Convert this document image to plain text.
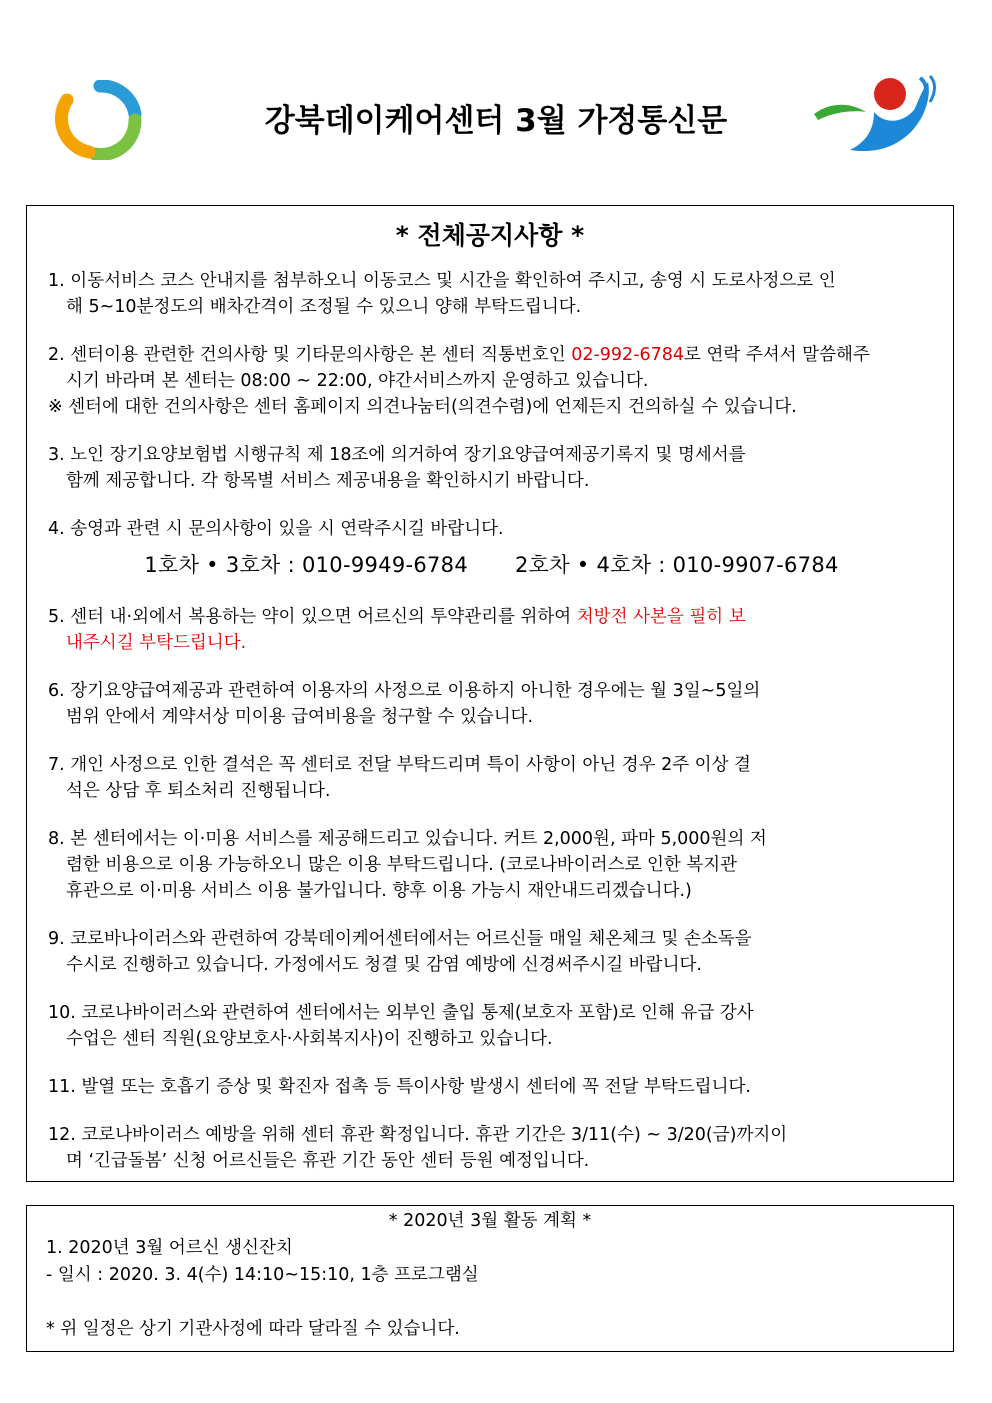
강북데이케어센터 3월 가정통신문
* 전체공지사항 *
1. 이동서비스 코스 안내지를 첨부하오니 이동코스 및 시간을 확인하여 주시고, 송영 시 도로사정으로 인
해 5~10분정도의 배차간격이 조정될 수 있으니 양해 부탁드립니다.
2. 센터이용 관련한 건의사항 및 기타문의사항은 본 센터 직통번호인 02-992-6784로 연락 주셔서 말씀해주
시기 바라며 본 센터는 08:00 ~ 22:00, 야간서비스까지 운영하고 있습니다.
※ 센터에 대한 건의사항은 센터 홈페이지 의견나눔터(의견수렴)에 언제든지 건의하실 수 있습니다.
3. 노인 장기요양보험법 시행규칙 제 18조에 의거하여 장기요양급여제공기록지 및 명세서를
함께 제공합니다. 각 항목별 서비스 제공내용을 확인하시기 바랍니다.
4. 송영과 관련 시 문의사항이 있을 시 연락주시길 바랍니다.
1호차 • 3호차 : 010-9949-6784 2호차 • 4호차 : 010-9907-6784
5. 센터 내·외에서 복용하는 약이 있으면 어르신의 투약관리를 위하여 처방전 사본을 필히 보
내주시길 부탁드립니다.
6. 장기요양급여제공과 관련하여 이용자의 사정으로 이용하지 아니한 경우에는 월 3일~5일의
범위 안에서 계약서상 미이용 급여비용을 청구할 수 있습니다.
7. 개인 사정으로 인한 결석은 꼭 센터로 전달 부탁드리며 특이 사항이 아닌 경우 2주 이상 결
석은 상담 후 퇴소처리 진행됩니다.
8. 본 센터에서는 이·미용 서비스를 제공해드리고 있습니다. 커트 2,000원, 파마 5,000원의 저
렴한 비용으로 이용 가능하오니 많은 이용 부탁드립니다. (코로나바이러스로 인한 복지관
휴관으로 이·미용 서비스 이용 불가입니다. 향후 이용 가능시 재안내드리겠습니다.)
9. 코로바나이러스와 관련하여 강북데이케어센터에서는 어르신들 매일 체온체크 및 손소독을
수시로 진행하고 있습니다. 가정에서도 청결 및 감염 예방에 신경써주시길 바랍니다.
10. 코로나바이러스와 관련하여 센터에서는 외부인 출입 통제(보호자 포함)로 인해 유급 강사
수업은 센터 직원(요양보호사·사회복지사)이 진행하고 있습니다.
11. 발열 또는 호흡기 증상 및 확진자 접촉 등 특이사항 발생시 센터에 꼭 전달 부탁드립니다.
12. 코로나바이러스 예방을 위해 센터 휴관 확정입니다. 휴관 기간은 3/11(수) ~ 3/20(금)까지이
며 ‘긴급돌봄’ 신청 어르신들은 휴관 기간 동안 센터 등원 예정입니다.
* 2020년 3월 활동 계획 *
1. 2020년 3월 어르신 생신잔치
- 일시 : 2020. 3. 4(수) 14:10~15:10, 1층 프로그램실
* 위 일정은 상기 기관사정에 따라 달라질 수 있습니다.
